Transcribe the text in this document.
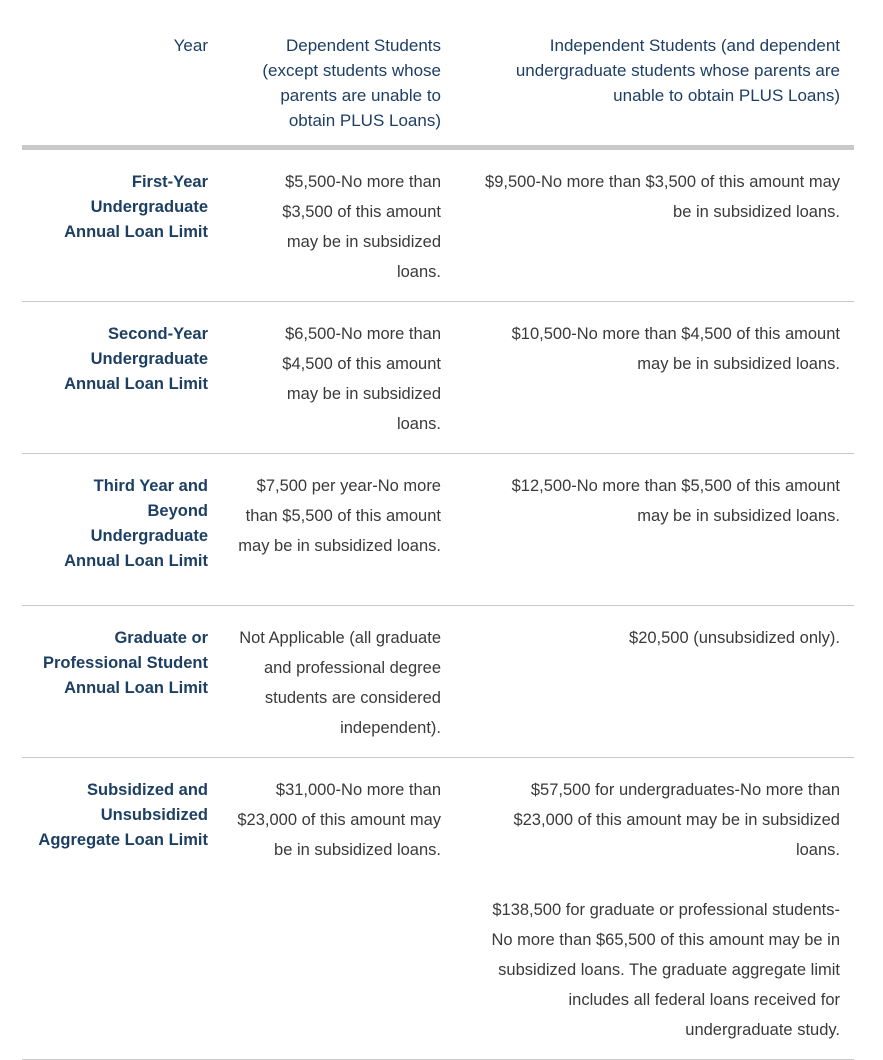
Year	Dependent Students (except students whose parents are unable to obtain PLUS Loans)
Independent Students (and dependent undergraduate students whose parents are unable to obtain PLUS Loans)
First-Year Undergraduate Annual Loan Limit

$5,500-No more than $3,500 of this amount may be in subsidized loans.

$9,500-No more than $3,500 of this amount may be in subsidized loans.

Second-Year Undergraduate Annual Loan Limit

$6,500-No more than $4,500 of this amount may be in subsidized loans.

$10,500-No more than $4,500 of this amount may be in subsidized loans.

Third Year and Beyond Undergraduate Annual Loan Limit

$7,500 per year-No more than $5,500 of this amount may be in subsidized loans.

$12,500-No more than $5,500 of this amount may be in subsidized loans.

Graduate or Professional Student Annual Loan Limit

Not Applicable (all graduate and professional degree students are considered independent).

$20,500 (unsubsidized only).

Subsidized and Unsubsidized Aggregate Loan Limit

$31,000-No more than $23,000 of this amount may be in subsidized loans.

$57,500 for undergraduates-No more than $23,000 of this amount may be in subsidized loans.

$138,500 for graduate or professional students-No more than $65,500 of this amount may be in subsidized loans. The graduate aggregate limit includes all federal loans received for undergraduate study.
